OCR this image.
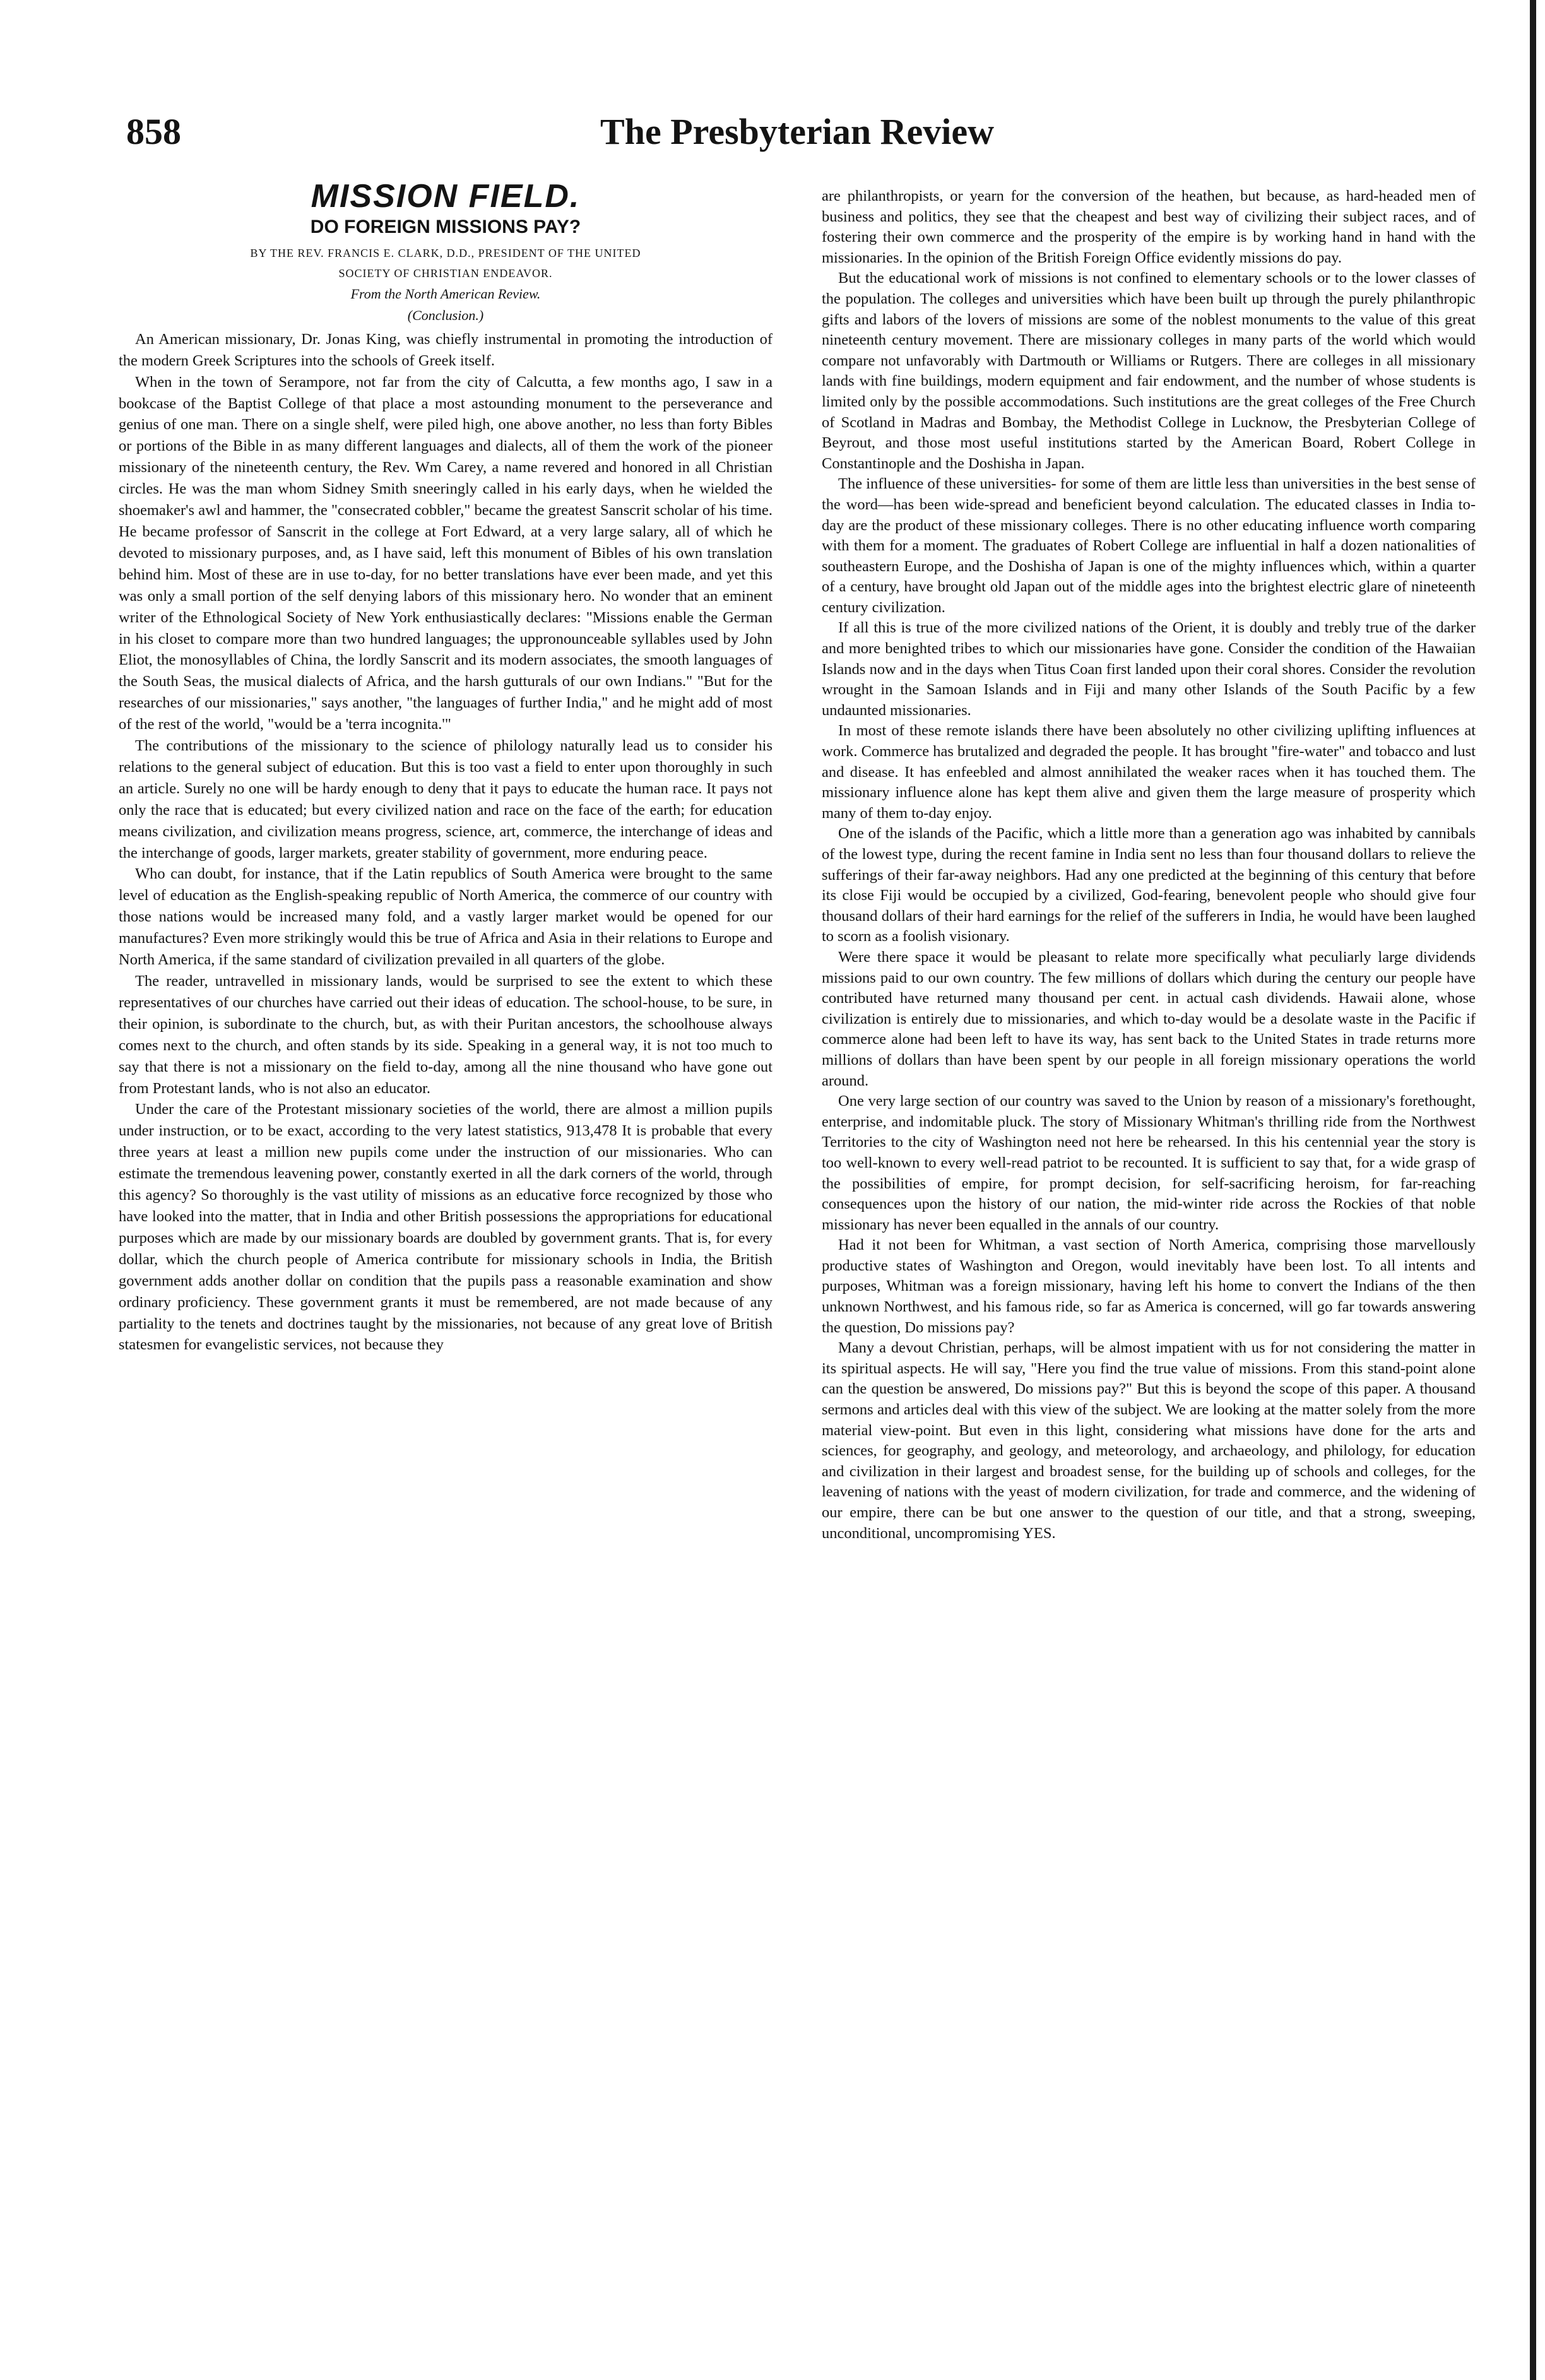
858	The Presbyterian Review
MISSION FIELD.
DO FOREIGN MISSIONS PAY?
BY THE REV. FRANCIS E. CLARK, D.D., PRESIDENT OF THE UNITED
SOCIETY OF CHRISTIAN ENDEAVOR.
From the North American Review.
(Conclusion.)

An American missionary, Dr. Jonas King, was chiefly instrumental in promoting the introduction of the modern Greek Scriptures into the schools of Greek itself.

When in the town of Serampore, not far from the city of Calcutta, a few months ago, I saw in a bookcase of the Baptist College of that place a most astounding monument to the perseverance and genius of one man. There on a single shelf, were piled high, one above another, no less than forty Bibles or portions of the Bible in as many different languages and dialects, all of them the work of the pioneer missionary of the nineteenth century, the Rev. Wm Carey, a name revered and honored in all Christian circles. He was the man whom Sidney Smith sneeringly called in his early days, when he wielded the shoemaker's awl and hammer, the "consecrated cobbler," became the greatest Sanscrit scholar of his time. He became professor of Sanscrit in the college at Fort Edward, at a very large salary, all of which he devoted to missionary purposes, and, as I have said, left this monument of Bibles of his own translation behind him. Most of these are in use to-day, for no better translations have ever been made, and yet this was only a small portion of the self denying labors of this missionary hero. No wonder that an eminent writer of the Ethnological Society of New York enthusiastically declares: "Missions enable the German in his closet to compare more than two hundred languages; the uppronounceable syllables used by John Eliot, the monosyllables of China, the lordly Sanscrit and its modern associates, the smooth languages of the South Seas, the musical dialects of Africa, and the harsh gutturals of our own Indians." "But for the researches of our missionaries," says another, "the languages of further India," and he might add of most of the rest of the world, "would be a 'terra incognita.'"

The contributions of the missionary to the science of philology naturally lead us to consider his relations to the general subject of education. But this is too vast a field to enter upon thoroughly in such an article. Surely no one will be hardy enough to deny that it pays to educate the human race. It pays not only the race that is educated; but every civilized nation and race on the face of the earth; for education means civilization, and civilization means progress, science, art, commerce, the interchange of ideas and the interchange of goods, larger markets, greater stability of government, more enduring peace.

Who can doubt, for instance, that if the Latin republics of South America were brought to the same level of education as the English-speaking republic of North America, the commerce of our country with those nations would be increased many fold, and a vastly larger market would be opened for our manufactures? Even more strikingly would this be true of Africa and Asia in their relations to Europe and North America, if the same standard of civilization prevailed in all quarters of the globe.

The reader, untravelled in missionary lands, would be surprised to see the extent to which these representatives of our churches have carried out their ideas of education. The school-house, to be sure, in their opinion, is subordinate to the church, but, as with their Puritan ancestors, the schoolhouse always comes next to the church, and often stands by its side. Speaking in a general way, it is not too much to say that there is not a missionary on the field to-day, among all the nine thousand who have gone out from Protestant lands, who is not also an educator.

Under the care of the Protestant missionary societies of the world, there are almost a million pupils under instruction, or to be exact, according to the very latest statistics, 913,478 It is probable that every three years at least a million new pupils come under the instruction of our missionaries. Who can estimate the tremendous leavening power, constantly exerted in all the dark corners of the world, through this agency? So thoroughly is the vast utility of missions as an educative force recognized by those who have looked into the matter, that in India and other British possessions the appropriations for educational purposes which are made by our missionary boards are doubled by government grants. That is, for every dollar, which the church people of America contribute for missionary schools in India, the British government adds another dollar on condition that the pupils pass a reasonable examination and show ordinary proficiency. These government grants it must be remembered, are not made because of any partiality to the tenets and doctrines taught by the missionaries, not because of any great love of British statesmen for evangelistic services, not because they

are philanthropists, or yearn for the conversion of the heathen, but because, as hard-headed men of business and politics, they see that the cheapest and best way of civilizing their subject races, and of fostering their own commerce and the prosperity of the empire is by working hand in hand with the missionaries. In the opinion of the British Foreign Office evidently missions do pay.

But the educational work of missions is not confined to elementary schools or to the lower classes of the population. The colleges and universities which have been built up through the purely philanthropic gifts and labors of the lovers of missions are some of the noblest monuments to the value of this great nineteenth century movement. There are missionary colleges in many parts of the world which would compare not unfavorably with Dartmouth or Williams or Rutgers. There are colleges in all missionary lands with fine buildings, modern equipment and fair endowment, and the number of whose students is limited only by the possible accommodations. Such institutions are the great colleges of the Free Church of Scotland in Madras and Bombay, the Methodist College in Lucknow, the Presbyterian College of Beyrout, and those most useful institutions started by the American Board, Robert College in Constantinople and the Doshisha in Japan.

The influence of these universities- for some of them are little less than universities in the best sense of the word—has been wide-spread and beneficient beyond calculation. The educated classes in India to-day are the product of these missionary colleges. There is no other educating influence worth comparing with them for a moment. The graduates of Robert College are influential in half a dozen nationalities of southeastern Europe, and the Doshisha of Japan is one of the mighty influences which, within a quarter of a century, have brought old Japan out of the middle ages into the brightest electric glare of nineteenth century civilization.

If all this is true of the more civilized nations of the Orient, it is doubly and trebly true of the darker and more benighted tribes to which our missionaries have gone. Consider the condition of the Hawaiian Islands now and in the days when Titus Coan first landed upon their coral shores. Consider the revolution wrought in the Samoan Islands and in Fiji and many other Islands of the South Pacific by a few undaunted missionaries.

In most of these remote islands there have been absolutely no other civilizing uplifting influences at work. Commerce has brutalized and degraded the people. It has brought "fire-water" and tobacco and lust and disease. It has enfeebled and almost annihilated the weaker races when it has touched them. The missionary influence alone has kept them alive and given them the large measure of prosperity which many of them to-day enjoy.

One of the islands of the Pacific, which a little more than a generation ago was inhabited by cannibals of the lowest type, during the recent famine in India sent no less than four thousand dollars to relieve the sufferings of their far-away neighbors. Had any one predicted at the beginning of this century that before its close Fiji would be occupied by a civilized, God-fearing, benevolent people who should give four thousand dollars of their hard earnings for the relief of the sufferers in India, he would have been laughed to scorn as a foolish visionary.

Were there space it would be pleasant to relate more specifically what peculiarly large dividends missions paid to our own country. The few millions of dollars which during the century our people have contributed have returned many thousand per cent. in actual cash dividends. Hawaii alone, whose civilization is entirely due to missionaries, and which to-day would be a desolate waste in the Pacific if commerce alone had been left to have its way, has sent back to the United States in trade returns more millions of dollars than have been spent by our people in all foreign missionary operations the world around.

One very large section of our country was saved to the Union by reason of a missionary's forethought, enterprise, and indomitable pluck. The story of Missionary Whitman's thrilling ride from the Northwest Territories to the city of Washington need not here be rehearsed. In this his centennial year the story is too well-known to every well-read patriot to be recounted. It is sufficient to say that, for a wide grasp of the possibilities of empire, for prompt decision, for self-sacrificing heroism, for far-reaching consequences upon the history of our nation, the mid-winter ride across the Rockies of that noble missionary has never been equalled in the annals of our country.

Had it not been for Whitman, a vast section of North America, comprising those marvellously productive states of Washington and Oregon, would inevitably have been lost. To all intents and purposes, Whitman was a foreign missionary, having left his home to convert the Indians of the then unknown Northwest, and his famous ride, so far as America is concerned, will go far towards answering the question, Do missions pay?

Many a devout Christian, perhaps, will be almost impatient with us for not considering the matter in its spiritual aspects. He will say, "Here you find the true value of missions. From this stand-point alone can the question be answered, Do missions pay?" But this is beyond the scope of this paper. A thousand sermons and articles deal with this view of the subject. We are looking at the matter solely from the more material view-point. But even in this light, considering what missions have done for the arts and sciences, for geography, and geology, and meteorology, and archaeology, and philology, for education and civilization in their largest and broadest sense, for the building up of schools and colleges, for the leavening of nations with the yeast of modern civilization, for trade and commerce, and the widening of our empire, there can be but one answer to the question of our title, and that a strong, sweeping, unconditional, uncompromising YES.
